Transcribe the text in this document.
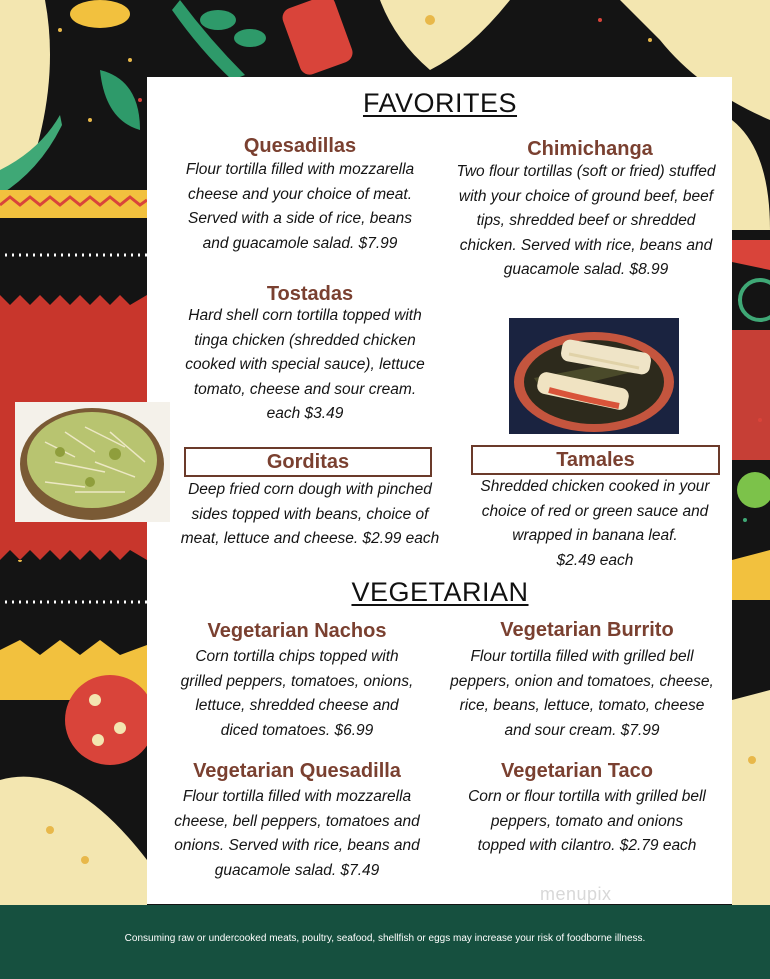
FAVORITES
Quesadillas
Flour tortilla filled with mozzarella
cheese and your choice of meat.
Served with a side of rice, beans
and guacamole salad. $7.99
Chimichanga
Two flour tortillas (soft or fried) stuffed
with your choice of ground beef, beef
tips, shredded beef or shredded
chicken. Served with rice, beans and
guacamole salad. $8.99
Tostadas
Hard shell corn tortilla topped with
tinga chicken (shredded chicken
cooked with special sauce), lettuce
tomato, cheese and sour cream.
each $3.49
Gorditas
Deep fried corn dough with pinched
sides topped with beans, choice of
meat, lettuce and cheese. $2.99 each
Tamales
Shredded chicken cooked in your
choice of red or green sauce and
wrapped in banana leaf.
$2.49 each
VEGETARIAN
Vegetarian Nachos
Corn tortilla chips topped with
grilled peppers, tomatoes, onions,
lettuce, shredded cheese and
diced tomatoes. $6.99
Vegetarian Burrito
Flour tortilla filled with grilled bell
peppers, onion and tomatoes, cheese,
rice, beans, lettuce, tomato, cheese
and sour cream. $7.99
Vegetarian Quesadilla
Flour tortilla filled with mozzarella
cheese, bell peppers, tomatoes and
onions. Served with rice, beans and
guacamole salad. $7.49
Vegetarian Taco
Corn or flour tortilla with grilled bell
peppers, tomato and onions
topped with cilantro. $2.79 each
menupix
Consuming raw or undercooked meats, poultry, seafood, shellfish or eggs may increase your risk of foodborne illness.
